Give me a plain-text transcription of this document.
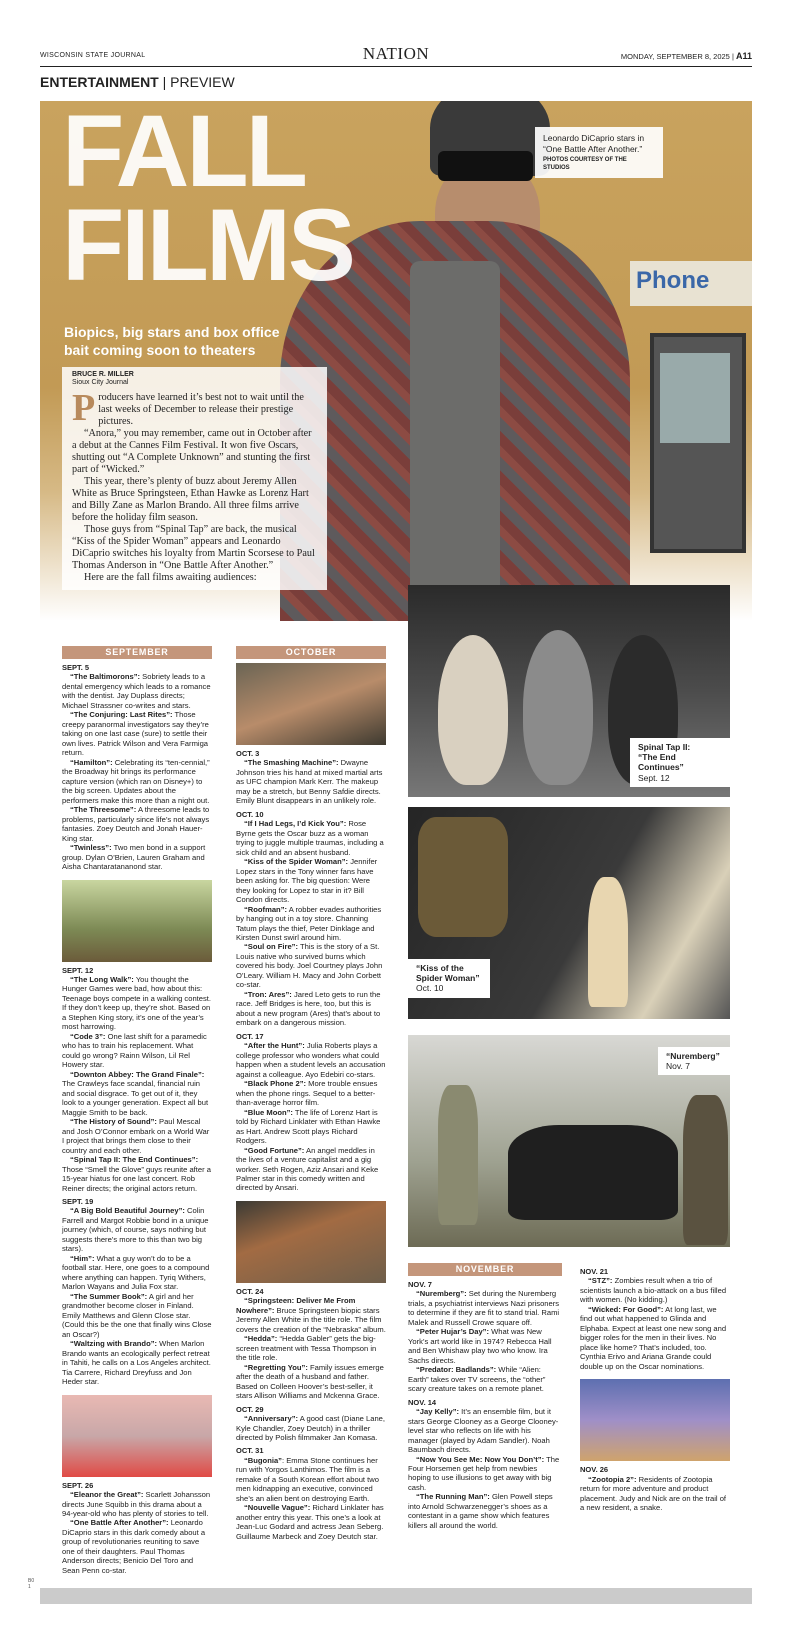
WISCONSIN STATE JOURNAL	NATION	MONDAY, SEPTEMBER 8, 2025 | A11
ENTERTAINMENT | PREVIEW
Phone
FALL
FILMS
Biopics, big stars and box office bait coming soon to theaters
Leonardo DiCaprio stars in “One Battle After Another.”
PHOTOS COURTESY OF THE STUDIOS
BRUCE R. MILLER
Sioux City Journal

Producers have learned it’s best not to wait until the last weeks of December to release their prestige pictures.

“Anora,” you may remember, came out in October after a debut at the Cannes Film Festival. It won five Oscars, shutting out “A Complete Unknown” and stunting the first part of “Wicked.”

This year, there’s plenty of buzz about Jeremy Allen White as Bruce Springsteen, Ethan Hawke as Lorenz Hart and Billy Zane as Marlon Brando. All three films arrive before the holiday film season.

Those guys from “Spinal Tap” are back, the musical “Kiss of the Spider Woman” appears and Leonardo DiCaprio switches his loyalty from Martin Scorsese to Paul Thomas Anderson in “One Battle After Another.”

Here are the fall films awaiting audiences:

SEPTEMBER
SEPT. 5

“The Baltimorons”: Sobriety leads to a dental emergency which leads to a romance with the dentist. Jay Duplass directs; Michael Strassner co-writes and stars.

“The Conjuring: Last Rites”: Those creepy paranormal investigators say they’re taking on one last case (sure) to settle their own lives. Patrick Wilson and Vera Farmiga return.

“Hamilton”: Celebrating its “ten-cennial,” the Broadway hit brings its performance capture version (which ran on Disney+) to the big screen. Updates about the performers make this more than a night out.

“The Threesome”: A threesome leads to problems, particularly since life’s not always fantasies. Zoey Deutch and Jonah Hauer-King star.

“Twinless”: Two men bond in a support group. Dylan O’Brien, Lauren Graham and Aisha Chantaratananond star.

SEPT. 12

“The Long Walk”: You thought the Hunger Games were bad, how about this: Teenage boys compete in a walking contest. If they don’t keep up, they’re shot. Based on a Stephen King story, it’s one of the year’s most harrowing.

“Code 3”: One last shift for a paramedic who has to train his replacement. What could go wrong? Rainn Wilson, Lil Rel Howery star.

“Downton Abbey: The Grand Finale”: The Crawleys face scandal, financial ruin and social disgrace. To get out of it, they look to a younger generation. Expect all but Maggie Smith to be back.

“The History of Sound”: Paul Mescal and Josh O’Connor embark on a World War I project that brings them close to their country and each other.

“Spinal Tap II: The End Continues”: Those “Smell the Glove” guys reunite after a 15-year hiatus for one last concert. Rob Reiner directs; the original actors return.

SEPT. 19

“A Big Bold Beautiful Journey”: Colin Farrell and Margot Robbie bond in a unique journey (which, of course, says nothing but suggests there’s more to this than two big stars).

“Him”: What a guy won’t do to be a football star. Here, one goes to a compound where anything can happen. Tyriq Withers, Marlon Wayans and Julia Fox star.

“The Summer Book”: A girl and her grandmother become closer in Finland. Emily Matthews and Glenn Close star. (Could this be the one that finally wins Close an Oscar?)

“Waltzing with Brando”: When Marlon Brando wants an ecologically perfect retreat in Tahiti, he calls on a Los Angeles architect. Tia Carrere, Richard Dreyfuss and Jon Heder star.

SEPT. 26

“Eleanor the Great”: Scarlett Johansson directs June Squibb in this drama about a 94-year-old who has plenty of stories to tell.

“One Battle After Another”: Leonardo DiCaprio stars in this dark comedy about a group of revolutionaries reuniting to save one of their daughters. Paul Thomas Anderson directs; Benicio Del Toro and Sean Penn co-star.

OCTOBER
OCT. 3

“The Smashing Machine”: Dwayne Johnson tries his hand at mixed martial arts as UFC champion Mark Kerr. The makeup may be a stretch, but Benny Safdie directs. Emily Blunt disappears in an unlikely role.

OCT. 10

“If I Had Legs, I’d Kick You”: Rose Byrne gets the Oscar buzz as a woman trying to juggle multiple traumas, including a sick child and an absent husband.

“Kiss of the Spider Woman”: Jennifer Lopez stars in the Tony winner fans have been asking for. The big question: Were they looking for Lopez to star in it? Bill Condon directs.

“Roofman”: A robber evades authorities by hanging out in a toy store. Channing Tatum plays the thief, Peter Dinklage and Kirsten Dunst swirl around him.

“Soul on Fire”: This is the story of a St. Louis native who survived burns which covered his body. Joel Courtney plays John O’Leary. William H. Macy and John Corbett co-star.

“Tron: Ares”: Jared Leto gets to run the race. Jeff Bridges is here, too, but this is about a new program (Ares) that’s about to embark on a dangerous mission.

OCT. 17

“After the Hunt”: Julia Roberts plays a college professor who wonders what could happen when a student levels an accusation against a colleague. Ayo Edebiri co-stars.

“Black Phone 2”: More trouble ensues when the phone rings. Sequel to a better-than-average horror film.

“Blue Moon”: The life of Lorenz Hart is told by Richard Linklater with Ethan Hawke as Hart. Andrew Scott plays Richard Rodgers.

“Good Fortune”: An angel meddles in the lives of a venture capitalist and a gig worker. Seth Rogen, Aziz Ansari and Keke Palmer star in this comedy written and directed by Ansari.

OCT. 24

“Springsteen: Deliver Me From Nowhere”: Bruce Springsteen biopic stars Jeremy Allen White in the title role. The film covers the creation of the “Nebraska” album.

“Hedda”: “Hedda Gabler” gets the big-screen treatment with Tessa Thompson in the title role.

“Regretting You”: Family issues emerge after the death of a husband and father. Based on Colleen Hoover’s best-seller, it stars Allison Williams and Mckenna Grace.

OCT. 29

“Anniversary”: A good cast (Diane Lane, Kyle Chandler, Zoey Deutch) in a thriller directed by Polish filmmaker Jan Komasa.

OCT. 31

“Bugonia”: Emma Stone continues her run with Yorgos Lanthimos. The film is a remake of a South Korean effort about two men kidnapping an executive, convinced she’s an alien bent on destroying Earth.

“Nouvelle Vague”: Richard Linklater has another entry this year. This one’s a look at Jean-Luc Godard and actress Jean Seberg. Guillaume Marbeck and Zoey Deutch star.

Spinal Tap II:
“The End Continues”
Sept. 12
“Kiss of the
Spider Woman”
Oct. 10
“Nuremberg”
Nov. 7
NOVEMBER
NOV. 7

“Nuremberg”: Set during the Nuremberg trials, a psychiatrist interviews Nazi prisoners to determine if they are fit to stand trial. Rami Malek and Russell Crowe square off.

“Peter Hujar’s Day”: What was New York’s art world like in 1974? Rebecca Hall and Ben Whishaw play two who know. Ira Sachs directs.

“Predator: Badlands”: While “Alien: Earth” takes over TV screens, the “other” scary creature takes on a remote planet.

NOV. 14

“Jay Kelly”: It’s an ensemble film, but it stars George Clooney as a George Clooney-level star who reflects on life with his manager (played by Adam Sandler). Noah Baumbach directs.

“Now You See Me: Now You Don’t”: The Four Horsemen get help from newbies hoping to use illusions to get away with big cash.

“The Running Man”: Glen Powell steps into Arnold Schwarzenegger’s shoes as a contestant in a game show which features killers all around the world.

NOV. 21

“STZ”: Zombies result when a trio of scientists launch a bio-attack on a bus filled with women. (No kidding.)

“Wicked: For Good”: At long last, we find out what happened to Glinda and Elphaba. Expect at least one new song and bigger roles for the men in their lives. No place like home? That’s included, too. Cynthia Erivo and Ariana Grande could double up on the Oscar nominations.

NOV. 26

“Zootopia 2”: Residents of Zootopia return for more adventure and product placement. Judy and Nick are on the trail of a new resident, a snake.

B0
1
